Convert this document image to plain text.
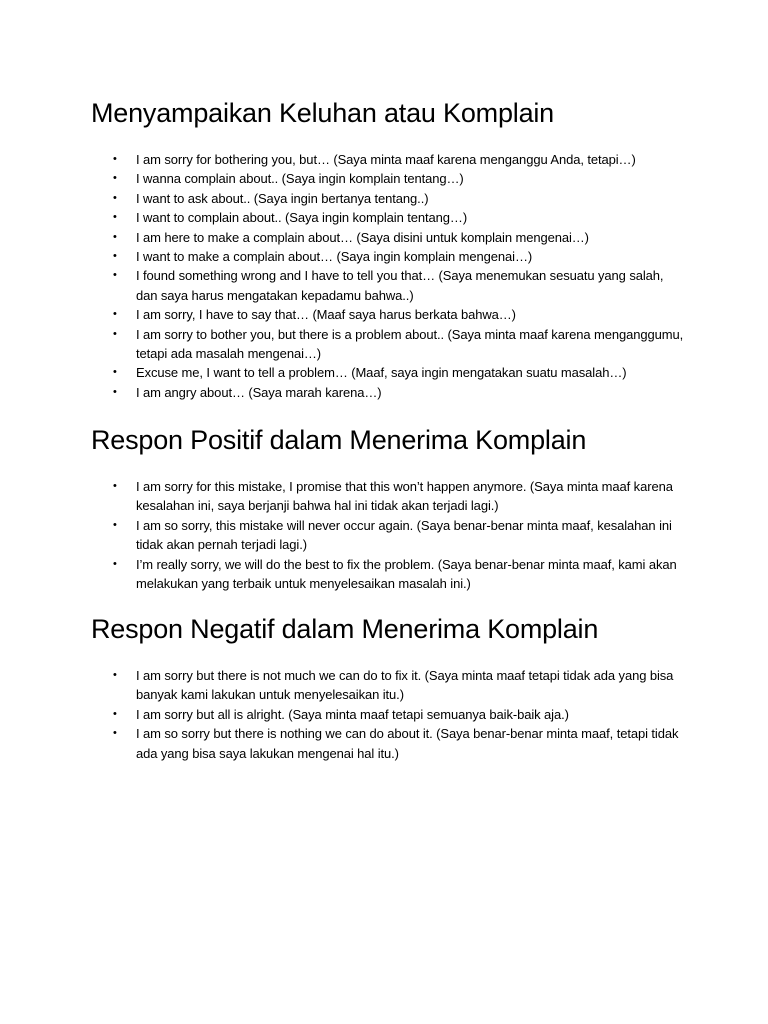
Menyampaikan Keluhan atau Komplain
• I am sorry for bothering you, but… (Saya minta maaf karena menganggu Anda, tetapi…)
• I wanna complain about.. (Saya ingin komplain tentang…)
• I want to ask about.. (Saya ingin bertanya tentang..)
• I want to complain about.. (Saya ingin komplain tentang…)
• I am here to make a complain about… (Saya disini untuk komplain mengenai…)
• I want to make a complain about… (Saya ingin komplain mengenai…)
• I found something wrong and I have to tell you that… (Saya menemukan sesuatu yang salah, dan saya harus mengatakan kepadamu bahwa..)
• I am sorry, I have to say that… (Maaf saya harus berkata bahwa…)
• I am sorry to bother you, but there is a problem about.. (Saya minta maaf karena menganggumu, tetapi ada masalah mengenai…)
• Excuse me, I want to tell a problem… (Maaf, saya ingin mengatakan suatu masalah…)
• I am angry about… (Saya marah karena…)
Respon Positif dalam Menerima Komplain
• I am sorry for this mistake, I promise that this won’t happen anymore. (Saya minta maaf karena kesalahan ini, saya berjanji bahwa hal ini tidak akan terjadi lagi.)
• I am so sorry, this mistake will never occur again. (Saya benar-benar minta maaf, kesalahan ini tidak akan pernah terjadi lagi.)
• I’m really sorry, we will do the best to fix the problem. (Saya benar-benar minta maaf, kami akan melakukan yang terbaik untuk menyelesaikan masalah ini.)
Respon Negatif dalam Menerima Komplain
• I am sorry but there is not much we can do to fix it. (Saya minta maaf tetapi tidak ada yang bisa banyak kami lakukan untuk menyelesaikan itu.)
• I am sorry but all is alright. (Saya minta maaf tetapi semuanya baik-baik aja.)
• I am so sorry but there is nothing we can do about it. (Saya benar-benar minta maaf, tetapi tidak ada yang bisa saya lakukan mengenai hal itu.)
